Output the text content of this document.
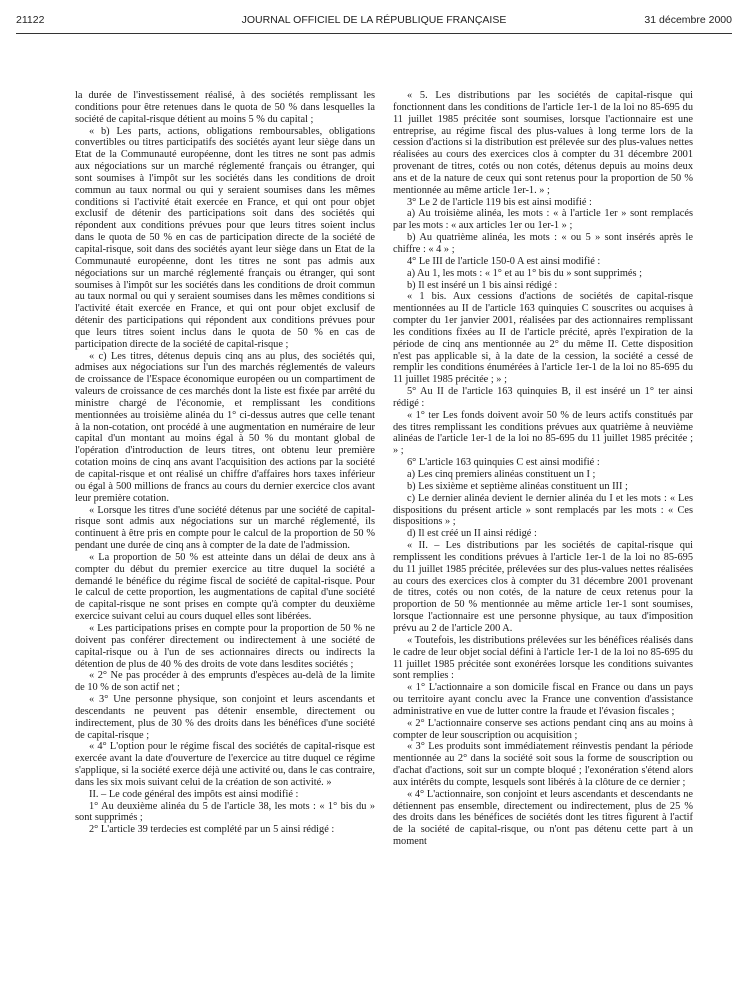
21122	JOURNAL OFFICIEL DE LA RÉPUBLIQUE FRANÇAISE	31 décembre 2000

la durée de l'investissement réalisé, à des sociétés remplissant les conditions pour être retenues dans le quota de 50 % dans lesquelles la société de capital-risque détient au moins 5 % du capital ;

« b) Les parts, actions, obligations remboursables, obligations convertibles ou titres participatifs des sociétés ayant leur siège dans un Etat de la Communauté européenne, dont les titres ne sont pas admis aux négociations sur un marché réglementé français ou étranger, qui sont soumises à l'impôt sur les sociétés dans les conditions de droit commun au taux normal ou qui y seraient soumises dans les mêmes conditions si l'activité était exercée en France, et qui ont pour objet exclusif de détenir des participations soit dans des sociétés qui répondent aux conditions prévues pour que leurs titres soient inclus dans le quota de 50 % en cas de participation directe de la société de capital-risque, soit dans des sociétés ayant leur siège dans un Etat de la Communauté européenne, dont les titres ne sont pas admis aux négociations sur un marché réglementé français ou étranger, qui sont soumises à l'impôt sur les sociétés dans les conditions de droit commun au taux normal ou qui y seraient soumises dans les mêmes conditions si l'activité était exercée en France, et qui ont pour objet exclusif de détenir des participations qui répondent aux conditions prévues pour que leurs titres soient inclus dans le quota de 50 % en cas de participation directe de la société de capital-risque ;

« c) Les titres, détenus depuis cinq ans au plus, des sociétés qui, admises aux négociations sur l'un des marchés réglementés de valeurs de croissance de l'Espace économique européen ou un compartiment de valeurs de croissance de ces marchés dont la liste est fixée par arrêté du ministre chargé de l'économie, et remplissant les conditions mentionnées au troisième alinéa du 1° ci-dessus autres que celle tenant à la non-cotation, ont procédé à une augmentation en numéraire de leur capital d'un montant au moins égal à 50 % du montant global de l'opération d'introduction de leurs titres, ont obtenu leur première cotation moins de cinq ans avant l'acquisition des actions par la société de capital-risque et ont réalisé un chiffre d'affaires hors taxes inférieur ou égal à 500 millions de francs au cours du dernier exercice clos avant leur première cotation.

« Lorsque les titres d'une société détenus par une société de capital-risque sont admis aux négociations sur un marché réglementé, ils continuent à être pris en compte pour le calcul de la proportion de 50 % pendant une durée de cinq ans à compter de la date de l'admission.

« La proportion de 50 % est atteinte dans un délai de deux ans à compter du début du premier exercice au titre duquel la société a demandé le bénéfice du régime fiscal de société de capital-risque. Pour le calcul de cette proportion, les augmentations de capital d'une société de capital-risque ne sont prises en compte qu'à compter du deuxième exercice suivant celui au cours duquel elles sont libérées.

« Les participations prises en compte pour la proportion de 50 % ne doivent pas conférer directement ou indirectement à une société de capital-risque ou à l'un de ses actionnaires directs ou indirects la détention de plus de 40 % des droits de vote dans lesdites sociétés ;

« 2° Ne pas procéder à des emprunts d'espèces au-delà de la limite de 10 % de son actif net ;

« 3° Une personne physique, son conjoint et leurs ascendants et descendants ne peuvent pas détenir ensemble, directement ou indirectement, plus de 30 % des droits dans les bénéfices d'une société de capital-risque ;

« 4° L'option pour le régime fiscal des sociétés de capital-risque est exercée avant la date d'ouverture de l'exercice au titre duquel ce régime s'applique, si la société exerce déjà une activité ou, dans le cas contraire, dans les six mois suivant celui de la création de son activité. »

II. – Le code général des impôts est ainsi modifié :

1° Au deuxième alinéa du 5 de l'article 38, les mots : « 1° bis du » sont supprimés ;

2° L'article 39 terdecies est complété par un 5 ainsi rédigé :

« 5. Les distributions par les sociétés de capital-risque qui fonctionnent dans les conditions de l'article 1er-1 de la loi no 85-695 du 11 juillet 1985 précitée sont soumises, lorsque l'actionnaire est une entreprise, au régime fiscal des plus-values à long terme lors de la cession d'actions si la distribution est prélevée sur des plus-values nettes réalisées au cours des exercices clos à compter du 31 décembre 2001 provenant de titres, cotés ou non cotés, détenus depuis au moins deux ans et de la nature de ceux qui sont retenus pour la proportion de 50 % mentionnée au même article 1er-1. » ;

3° Le 2 de l'article 119 bis est ainsi modifié :

a) Au troisième alinéa, les mots : « à l'article 1er » sont remplacés par les mots : « aux articles 1er ou 1er-1 » ;

b) Au quatrième alinéa, les mots : « ou 5 » sont insérés après le chiffre : « 4 » ;

4° Le III de l'article 150-0 A est ainsi modifié :

a) Au 1, les mots : « 1° et au 1° bis du » sont supprimés ;

b) Il est inséré un 1 bis ainsi rédigé :

« 1 bis. Aux cessions d'actions de sociétés de capital-risque mentionnées au II de l'article 163 quinquies C souscrites ou acquises à compter du 1er janvier 2001, réalisées par des actionnaires remplissant les conditions fixées au II de l'article précité, après l'expiration de la période de cinq ans mentionnée au 2° du même II. Cette disposition n'est pas applicable si, à la date de la cession, la société a cessé de remplir les conditions énumérées à l'article 1er-1 de la loi no 85-695 du 11 juillet 1985 précitée ; » ;

5° Au II de l'article 163 quinquies B, il est inséré un 1° ter ainsi rédigé :

« 1° ter Les fonds doivent avoir 50 % de leurs actifs constitués par des titres remplissant les conditions prévues aux quatrième à neuvième alinéas de l'article 1er-1 de la loi no 85-695 du 11 juillet 1985 précitée ; » ;

6° L'article 163 quinquies C est ainsi modifié :

a) Les cinq premiers alinéas constituent un I ;

b) Les sixième et septième alinéas constituent un III ;

c) Le dernier alinéa devient le dernier alinéa du I et les mots : « Les dispositions du présent article » sont remplacés par les mots : « Ces dispositions » ;

d) Il est créé un II ainsi rédigé :

« II. – Les distributions par les sociétés de capital-risque qui remplissent les conditions prévues à l'article 1er-1 de la loi no 85-695 du 11 juillet 1985 précitée, prélevées sur des plus-values nettes réalisées au cours des exercices clos à compter du 31 décembre 2001 provenant de titres, cotés ou non cotés, de la nature de ceux retenus pour la proportion de 50 % mentionnée au même article 1er-1 sont soumises, lorsque l'actionnaire est une personne physique, au taux d'imposition prévu au 2 de l'article 200 A.

« Toutefois, les distributions prélevées sur les bénéfices réalisés dans le cadre de leur objet social défini à l'article 1er-1 de la loi no 85-695 du 11 juillet 1985 précitée sont exonérées lorsque les conditions suivantes sont remplies :

« 1° L'actionnaire a son domicile fiscal en France ou dans un pays ou territoire ayant conclu avec la France une convention d'assistance administrative en vue de lutter contre la fraude et l'évasion fiscales ;

« 2° L'actionnaire conserve ses actions pendant cinq ans au moins à compter de leur souscription ou acquisition ;

« 3° Les produits sont immédiatement réinvestis pendant la période mentionnée au 2° dans la société soit sous la forme de souscription ou d'achat d'actions, soit sur un compte bloqué ; l'exonération s'étend alors aux intérêts du compte, lesquels sont libérés à la clôture de ce dernier ;

« 4° L'actionnaire, son conjoint et leurs ascendants et descendants ne détiennent pas ensemble, directement ou indirectement, plus de 25 % des droits dans les bénéfices de sociétés dont les titres figurent à l'actif de la société de capital-risque, ou n'ont pas détenu cette part à un moment
